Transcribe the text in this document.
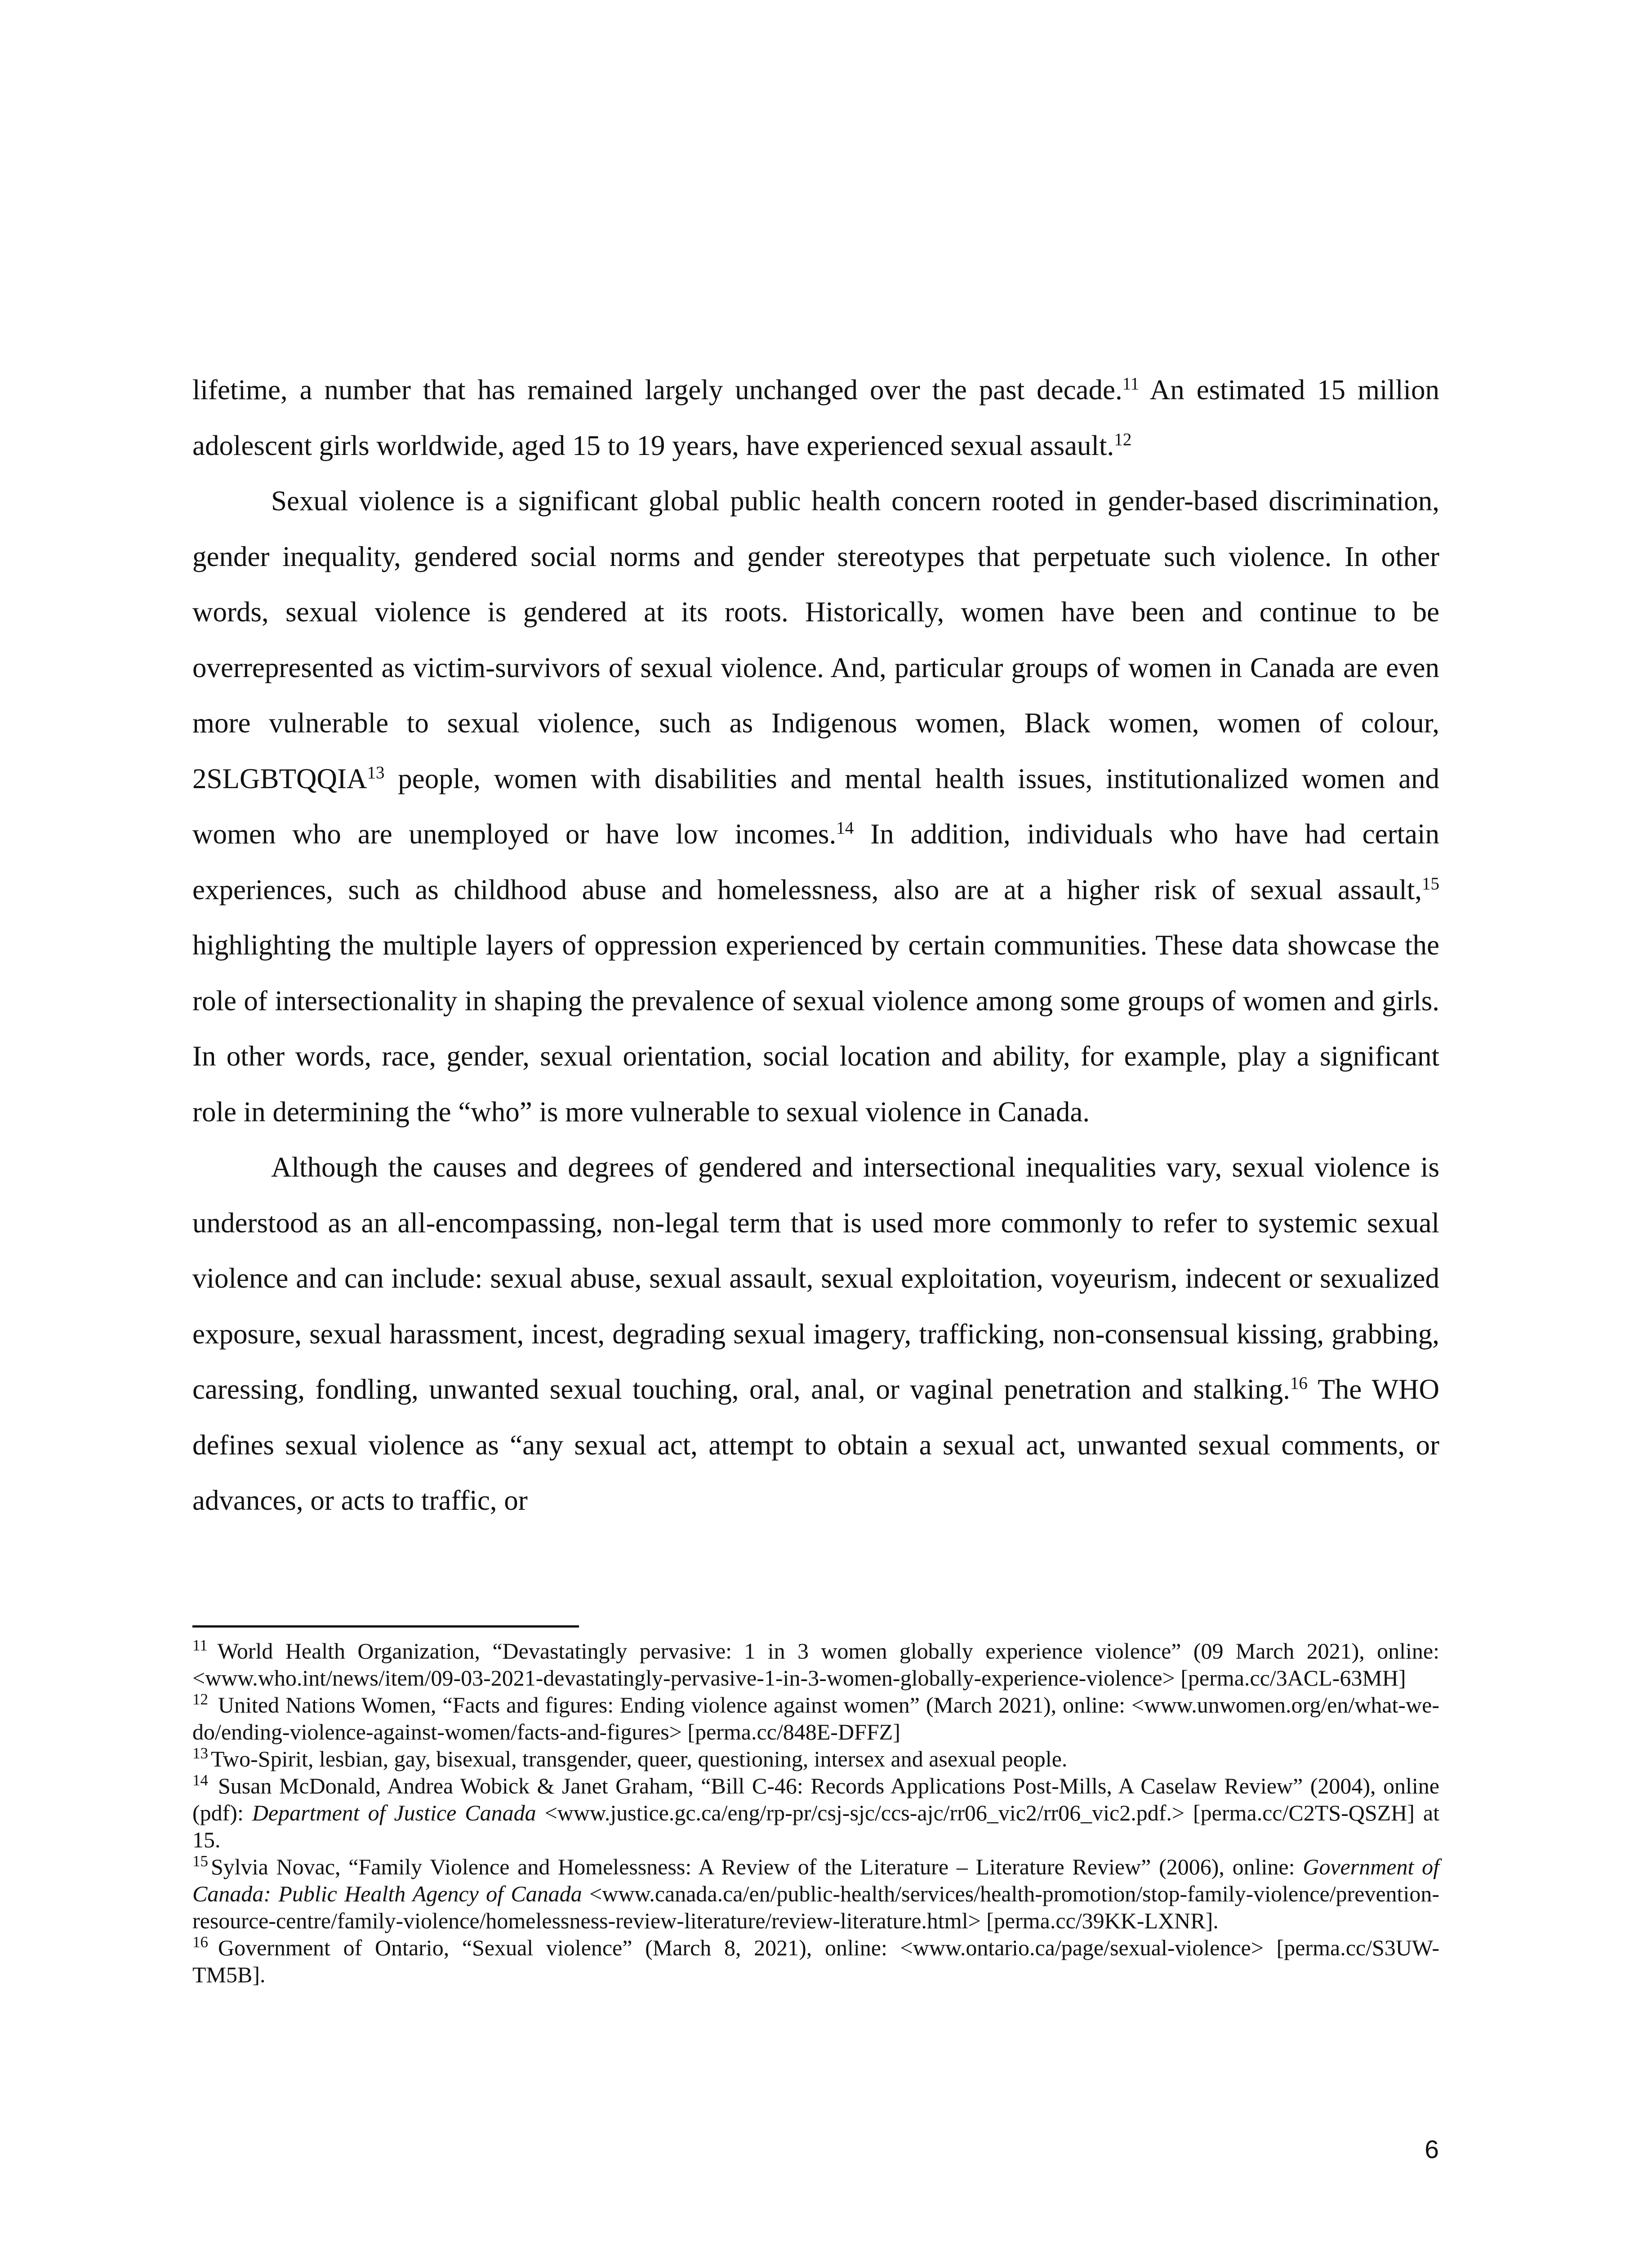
lifetime, a number that has remained largely unchanged over the past decade.$^{11}$ An estimated 15 million adolescent girls worldwide, aged 15 to 19 years, have experienced sexual assault.$^{12}$

Sexual violence is a significant global public health concern rooted in gender-based discrimination, gender inequality, gendered social norms and gender stereotypes that perpetuate such violence. In other words, sexual violence is gendered at its roots. Historically, women have been and continue to be overrepresented as victim-survivors of sexual violence. And, particular groups of women in Canada are even more vulnerable to sexual violence, such as Indigenous women, Black women, women of colour, 2SLGBTQQIA$^{13}$ people, women with disabilities and mental health issues, institutionalized women and women who are unemployed or have low incomes.$^{14}$ In addition, individuals who have had certain experiences, such as childhood abuse and homelessness, also are at a higher risk of sexual assault,$^{15}$ highlighting the multiple layers of oppression experienced by certain communities. These data showcase the role of intersectionality in shaping the prevalence of sexual violence among some groups of women and girls. In other words, race, gender, sexual orientation, social location and ability, for example, play a significant role in determining the “who” is more vulnerable to sexual violence in Canada.

Although the causes and degrees of gendered and intersectional inequalities vary, sexual violence is understood as an all-encompassing, non-legal term that is used more commonly to refer to systemic sexual violence and can include: sexual abuse, sexual assault, sexual exploitation, voyeurism, indecent or sexualized exposure, sexual harassment, incest, degrading sexual imagery, trafficking, non-consensual kissing, grabbing, caressing, fondling, unwanted sexual touching, oral, anal, or vaginal penetration and stalking.$^{16}$ The WHO defines sexual violence as “any sexual act, attempt to obtain a sexual act, unwanted sexual comments, or advances, or acts to traffic, or

$^{11}$ World Health Organization, “Devastatingly pervasive: 1 in 3 women globally experience violence” (09 March 2021), online: <www.who.int/news/item/09-03-2021-devastatingly-pervasive-1-in-3-women-globally-experience-violence> [perma.cc/3ACL-63MH]

$^{12}$ United Nations Women, “Facts and figures: Ending violence against women” (March 2021), online: <www.unwomen.org/en/what-we-do/ending-violence-against-women/facts-and-figures> [perma.cc/848E-DFFZ]

$^{13}$ Two-Spirit, lesbian, gay, bisexual, transgender, queer, questioning, intersex and asexual people.

$^{14}$ Susan McDonald, Andrea Wobick & Janet Graham, “Bill C-46: Records Applications Post-Mills, A Caselaw Review” (2004), online (pdf): Department of Justice Canada <www.justice.gc.ca/eng/rp-pr/csj-sjc/ccs-ajc/rr06_vic2/rr06_vic2.pdf.> [perma.cc/C2TS-QSZH] at 15.

$^{15}$ Sylvia Novac, “Family Violence and Homelessness: A Review of the Literature – Literature Review” (2006), online: Government of Canada: Public Health Agency of Canada <www.canada.ca/en/public-health/services/health-promotion/stop-family-violence/prevention-resource-centre/family-violence/homelessness-review-literature/review-literature.html> [perma.cc/39KK-LXNR].

$^{16}$ Government of Ontario, “Sexual violence” (March 8, 2021), online: <www.ontario.ca/page/sexual-violence> [perma.cc/S3UW-TM5B].

6
